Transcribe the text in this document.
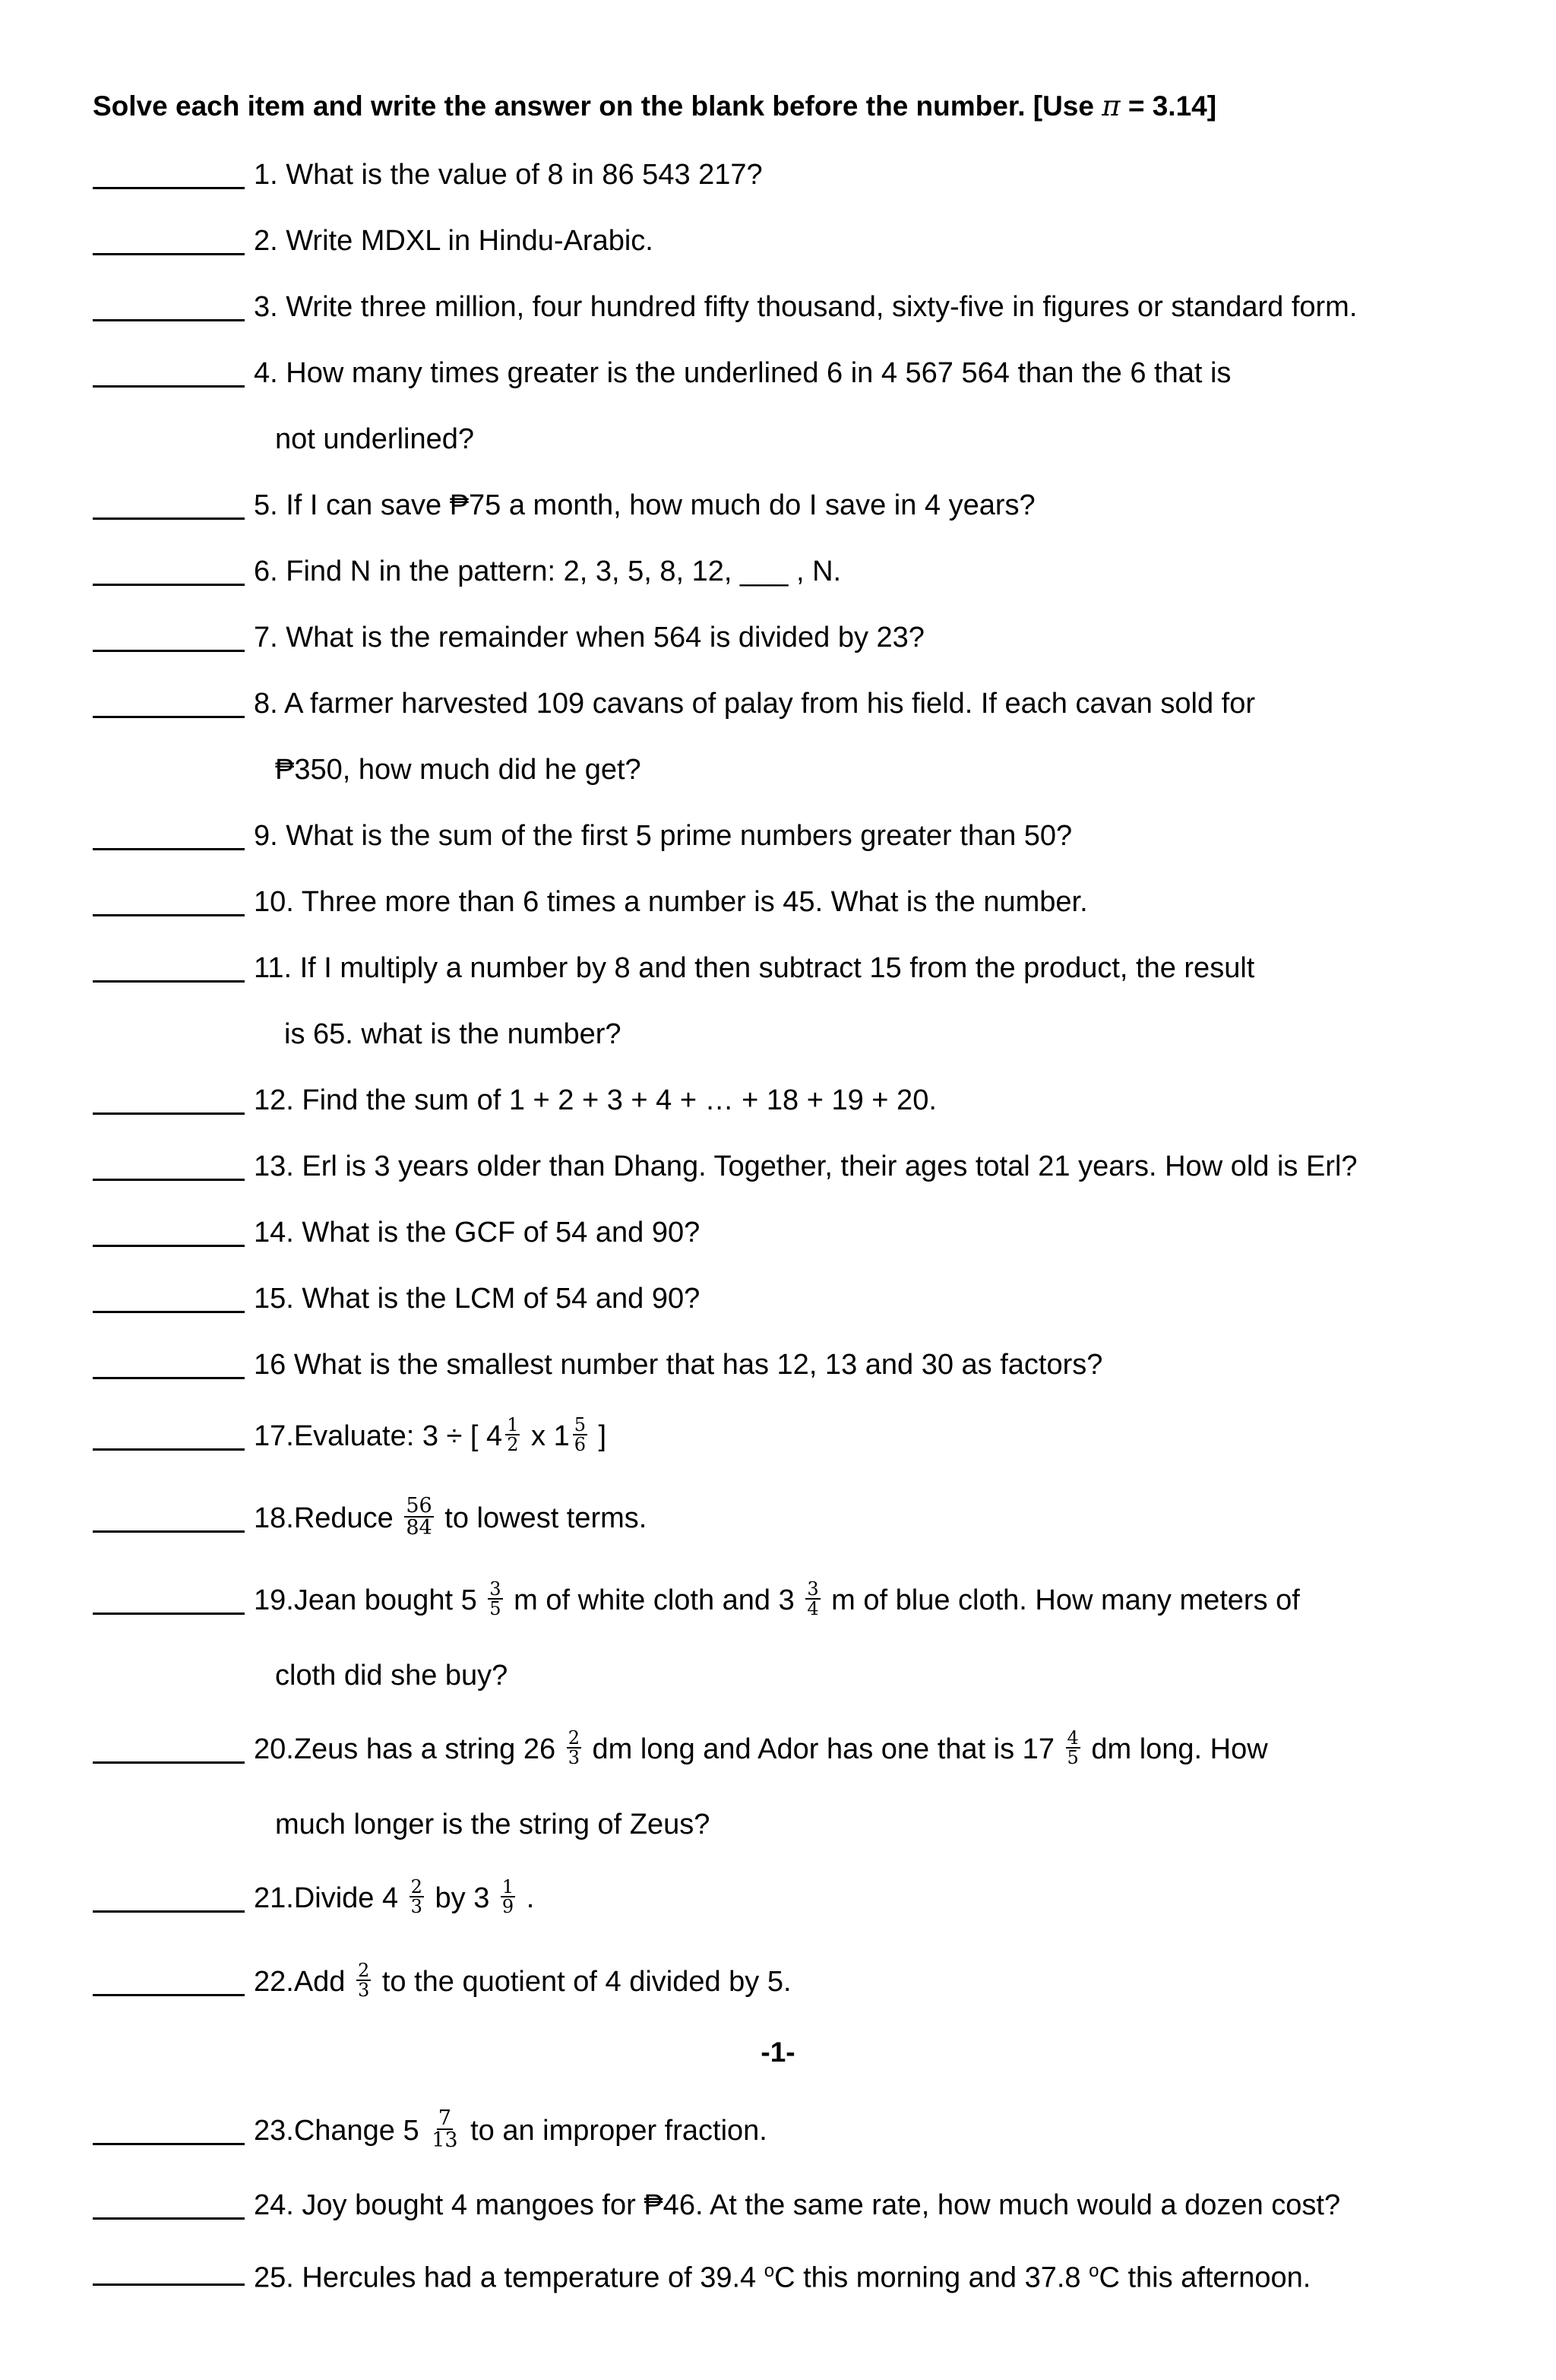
Solve each item and write the answer on the blank before the number. [Use π = 3.14]
1. What is the value of 8 in 86 543 217?
2. Write MDXL in Hindu-Arabic.
3. Write three million, four hundred fifty thousand, sixty-five in figures or standard form.
4. How many times greater is the underlined 6 in 4 567 564 than the 6 that is
not underlined?
5. If I can save ₱75 a month, how much do I save in 4 years?
6. Find N in the pattern: 2, 3, 5, 8, 12, ___ , N.
7. What is the remainder when 564 is divided by 23?
8. A farmer harvested 109 cavans of palay from his field. If each cavan sold for
₱350, how much did he get?
9. What is the sum of the first 5 prime numbers greater than 50?
10. Three more than 6 times a number is 45. What is the number.
11. If I multiply a number by 8 and then subtract 15 from the product, the result
is 65. what is the number?
12. Find the sum of 1 + 2 + 3 + 4 + … + 18 + 19 + 20.
13. Erl is 3 years older than Dhang. Together, their ages total 21 years. How old is Erl?
14. What is the GCF of 54 and 90?
15. What is the LCM of 54 and 90?
16 What is the smallest number that has 12, 13 and 30 as factors?
17.Evaluate: 3 ÷ [ $4 \frac{1}{2}$ x $1 \frac{5}{6}$ ]
18.Reduce $\frac{56}{84}$ to lowest terms.
19.Jean bought $5 \frac{3}{5}$ m of white cloth and $3 \frac{3}{4}$ m of blue cloth. How many meters of
cloth did she buy?
20.Zeus has a string $26 \frac{2}{3}$ dm long and Ador has one that is $17 \frac{4}{5}$ dm long. How
much longer is the string of Zeus?
21.Divide $4 \frac{2}{3}$ by $3 \frac{1}{9}$ .
$22.Add \frac{2}{3}$ to the quotient of 4 divided by 5.
-1-
23.Change $5 \frac{7}{13}$ to an improper fraction.
24. Joy bought 4 mangoes for ₱46. At the same rate, how much would a dozen cost?
25. Hercules had a temperature of 39.4 $^o$C this morning and 37.8 $^o$C this afternoon.
